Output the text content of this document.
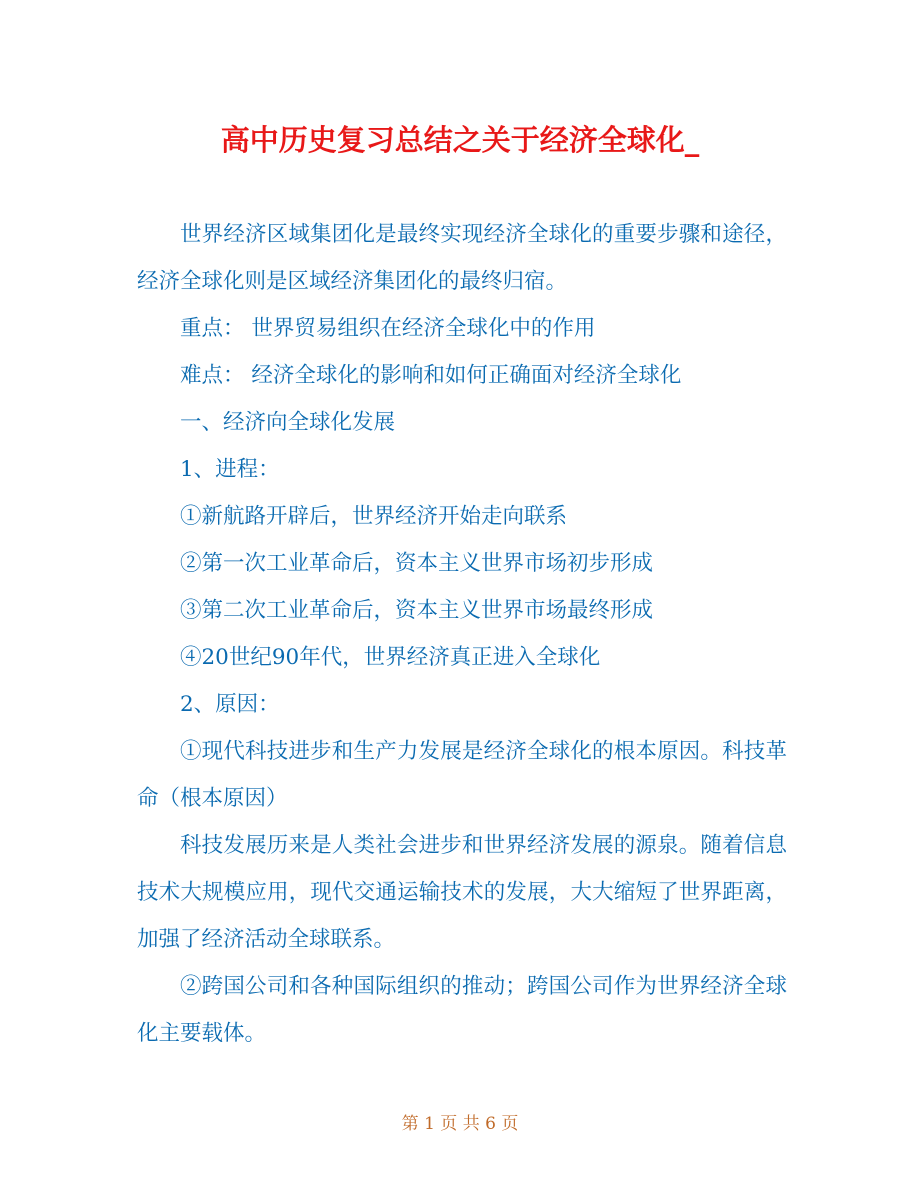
高中历史复习总结之关于经济全球化_

世界经济区域集团化是最终实现经济全球化的重要步骤和途径，经济全球化则是区域经济集团化的最终归宿。

重点： 世界贸易组织在经济全球化中的作用

难点： 经济全球化的影响和如何正确面对经济全球化

一、经济向全球化发展

1、进程：

①新航路开辟后，世界经济开始走向联系

②第一次工业革命后，资本主义世界市场初步形成

③第二次工业革命后，资本主义世界市场最终形成

④20世纪90年代，世界经济真正进入全球化

2、原因：

①现代科技进步和生产力发展是经济全球化的根本原因。科技革命（根本原因）

科技发展历来是人类社会进步和世界经济发展的源泉。随着信息技术大规模应用，现代交通运输技术的发展，大大缩短了世界距离，加强了经济活动全球联系。

②跨国公司和各种国际组织的推动；跨国公司作为世界经济全球化主要载体。

第 1 页 共 6 页
